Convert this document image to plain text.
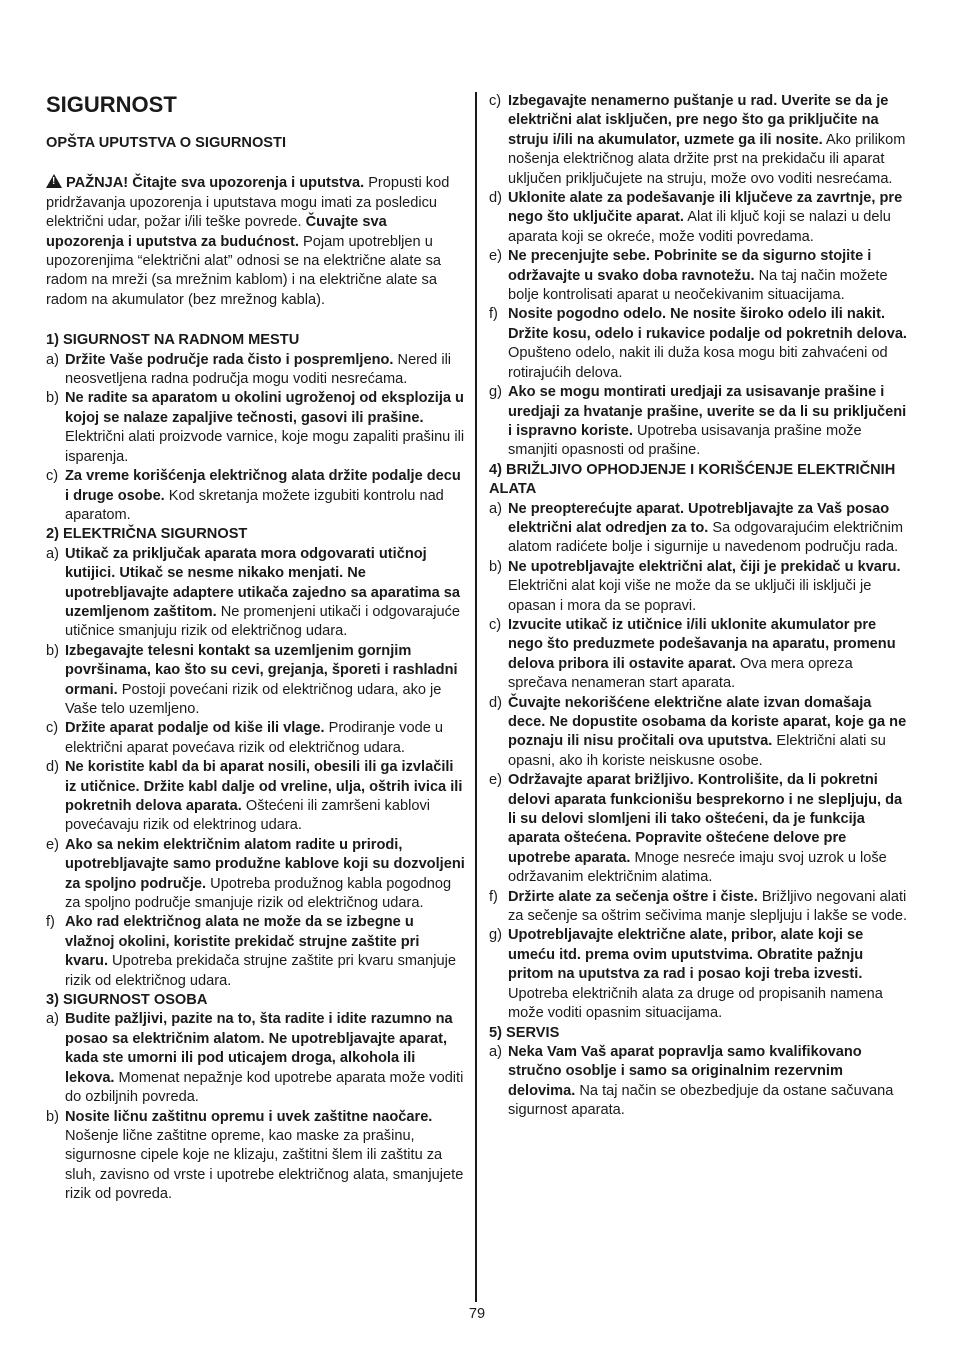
SIGURNOST

OPŠTA UPUTSTVA O SIGURNOSTI

!PAŽNJA! Čitajte sva upozorenja i uputstva. Propusti kod pridržavanja upozorenja i uputstava mogu imati za posledicu električni udar, požar i/ili teške povrede. Čuvajte sva upozorenja i uputstva za budućnost. Pojam upotrebljen u upozorenjima “električni alat” odnosi se na električne alate sa radom na mreži (sa mrežnim kablom) i na električne alate sa radom na akumulator (bez mrežnog kabla).

1) SIGURNOST NA RADNOM MESTU

a) Držite Vaše područje rada čisto i pospremljeno. Nered ili neosvetljena radna područja mogu voditi nesrećama.
b) Ne radite sa aparatom u okolini ugroženoj od eksplozija u kojoj se nalaze zapaljive tečnosti, gasovi ili prašine. Električni alati proizvode varnice, koje mogu zapaliti prašinu ili isparenja.
c) Za vreme korišćenja električnog alata držite podalje decu i druge osobe. Kod skretanja možete izgubiti kontrolu nad aparatom.

2) ELEKTRIČNA SIGURNOST

a) Utikač za priključak aparata mora odgovarati utičnoj kutijici. Utikač se nesme nikako menjati. Ne upotrebljavajte adaptere utikača zajedno sa aparatima sa uzemljenom zaštitom. Ne promenjeni utikači i odgovarajuće utičnice smanjuju rizik od električnog udara.
b) Izbegavajte telesni kontakt sa uzemljenim gornjim površinama, kao što su cevi, grejanja, šporeti i rashladni ormani. Postoji povećani rizik od električnog udara, ako je Vaše telo uzemljeno.
c) Držite aparat podalje od kiše ili vlage. Prodiranje vode u električni aparat povećava rizik od električnog udara.
d) Ne koristite kabl da bi aparat nosili, obesili ili ga izvlačili iz utičnice. Držite kabl dalje od vreline, ulja, oštrih ivica ili pokretnih delova aparata. Oštećeni ili zamršeni kablovi povećavaju rizik od elektrinog udara.
e) Ako sa nekim električnim alatom radite u prirodi, upotrebljavajte samo produžne kablove koji su dozvoljeni za spoljno područje. Upotreba produžnog kabla pogodnog za spoljno područje smanjuje rizik od električnog udara.
f) Ako rad električnog alata ne može da se izbegne u vlažnoj okolini, koristite prekidač strujne zaštite pri kvaru. Upotreba prekidača strujne zaštite pri kvaru smanjuje rizik od električnog udara.

3) SIGURNOST OSOBA

a) Budite pažljivi, pazite na to, šta radite i idite razumno na posao sa električnim alatom. Ne upotrebljavajte aparat, kada ste umorni ili pod uticajem droga, alkohola ili lekova. Momenat nepažnje kod upotrebe aparata može voditi do ozbiljnih povreda.
b) Nosite ličnu zaštitnu opremu i uvek zaštitne naočare. Nošenje lične zaštitne opreme, kao maske za prašinu, sigurnosne cipele koje ne klizaju, zaštitni šlem ili zaštitu za sluh, zavisno od vrste i upotrebe električnog alata, smanjujete rizik od povreda.
c) Izbegavajte nenamerno puštanje u rad. Uverite se da je električni alat isključen, pre nego što ga priključite na struju i/ili na akumulator, uzmete ga ili nosite. Ako prilikom nošenja električnog alata držite prst na prekidaču ili aparat uključen priključujete na struju, može ovo voditi nesrećama.
d) Uklonite alate za podešavanje ili ključeve za zavrtnje, pre nego što uključite aparat. Alat ili ključ koji se nalazi u delu aparata koji se okreće, može voditi povredama.
e) Ne precenjujte sebe. Pobrinite se da sigurno stojite i održavajte u svako doba ravnotežu. Na taj način možete bolje kontrolisati aparat u neočekivanim situacijama.
f) Nosite pogodno odelo. Ne nosite široko odelo ili nakit. Držite kosu, odelo i rukavice podalje od pokretnih delova. Opušteno odelo, nakit ili duža kosa mogu biti zahvaćeni od rotirajućih delova.
g) Ako se mogu montirati uredjaji za usisavanje prašine i uredjaji za hvatanje prašine, uverite se da li su priključeni i ispravno koriste. Upotreba usisavanja prašine može smanjiti opasnosti od prašine.
4) BRIŽLJIVO OPHODJENJE I KORIŠĆENJE ELEKTRIČNIH ALATA
a) Ne preopterećujte aparat. Upotrebljavajte za Vaš posao električni alat odredjen za to. Sa odgovarajućim električnim alatom radićete bolje i sigurnije u navedenom području rada.
b) Ne upotrebljavajte električni alat, čiji je prekidač u kvaru. Električni alat koji više ne može da se uključi ili isključi je opasan i mora da se popravi.
c) Izvucite utikač iz utičnice i/ili uklonite akumulator pre nego što preduzmete podešavanja na aparatu, promenu delova pribora ili ostavite aparat. Ova mera opreza sprečava nenameran start aparata.
d) Čuvajte nekorišćene električne alate izvan domašaja dece. Ne dopustite osobama da koriste aparat, koje ga ne poznaju ili nisu pročitali ova uputstva. Električni alati su opasni, ako ih koriste neiskusne osobe.
e) Održavajte aparat brižljivo. Kontrolišite, da li pokretni delovi aparata funkcionišu besprekorno i ne slepljuju, da li su delovi slomljeni ili tako oštećeni, da je funkcija aparata oštećena. Popravite oštećene delove pre upotrebe aparata. Mnoge nesreće imaju svoj uzrok u loše održavanim električnim alatima.
f) Držirte alate za sečenja oštre i čiste. Brižljivo negovani alati za sečenje sa oštrim sečivima manje slepljuju i lakše se vode.
g) Upotrebljavajte električne alate, pribor, alate koji se umeću itd. prema ovim uputstvima. Obratite pažnju pritom na uputstva za rad i posao koji treba izvesti. Upotreba električnih alata za druge od propisanih namena može voditi opasnim situacijama.

5) SERVIS

a) Neka Vam Vaš aparat popravlja samo kvalifikovano stručno osoblje i samo sa originalnim rezervnim delovima. Na taj način se obezbedjuje da ostane sačuvana sigurnost aparata.
79
